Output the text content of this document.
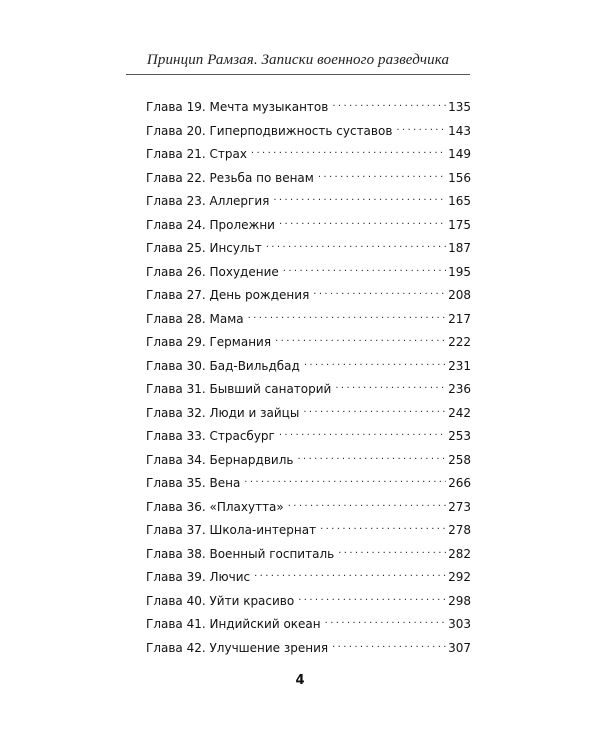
Принцип Рамзая. Записки военного разведчика
Глава 19. Мечта музыкантов . . .	135
Глава 20. Гиперподвижность суставов . . .	143
Глава 21. Страх . . .	149
Глава 22. Резьба по венам . . .	156
Глава 23. Аллергия . . .	165
Глава 24. Пролежни . . .	175
Глава 25. Инсульт . . .	187
Глава 26. Похудение . . .	195
Глава 27. День рождения . . .	208
Глава 28. Мама . . .	217
Глава 29. Германия . . .	222
Глава 30. Бад-Вильдбад . . .	231
Глава 31. Бывший санаторий . . .	236
Глава 32. Люди и зайцы . . .	242
Глава 33. Страсбург . . .	253
Глава 34. Бернардвиль . . .	258
Глава 35. Вена . . .	266
Глава 36. «Плахутта» . . .	273
Глава 37. Школа-интернат . . .	278
Глава 38. Военный госпиталь . . .	282
Глава 39. Лючис . . .	292
Глава 40. Уйти красиво . . .	298
Глава 41. Индийский океан . . .	303
Глава 42. Улучшение зрения . . .	307
4
